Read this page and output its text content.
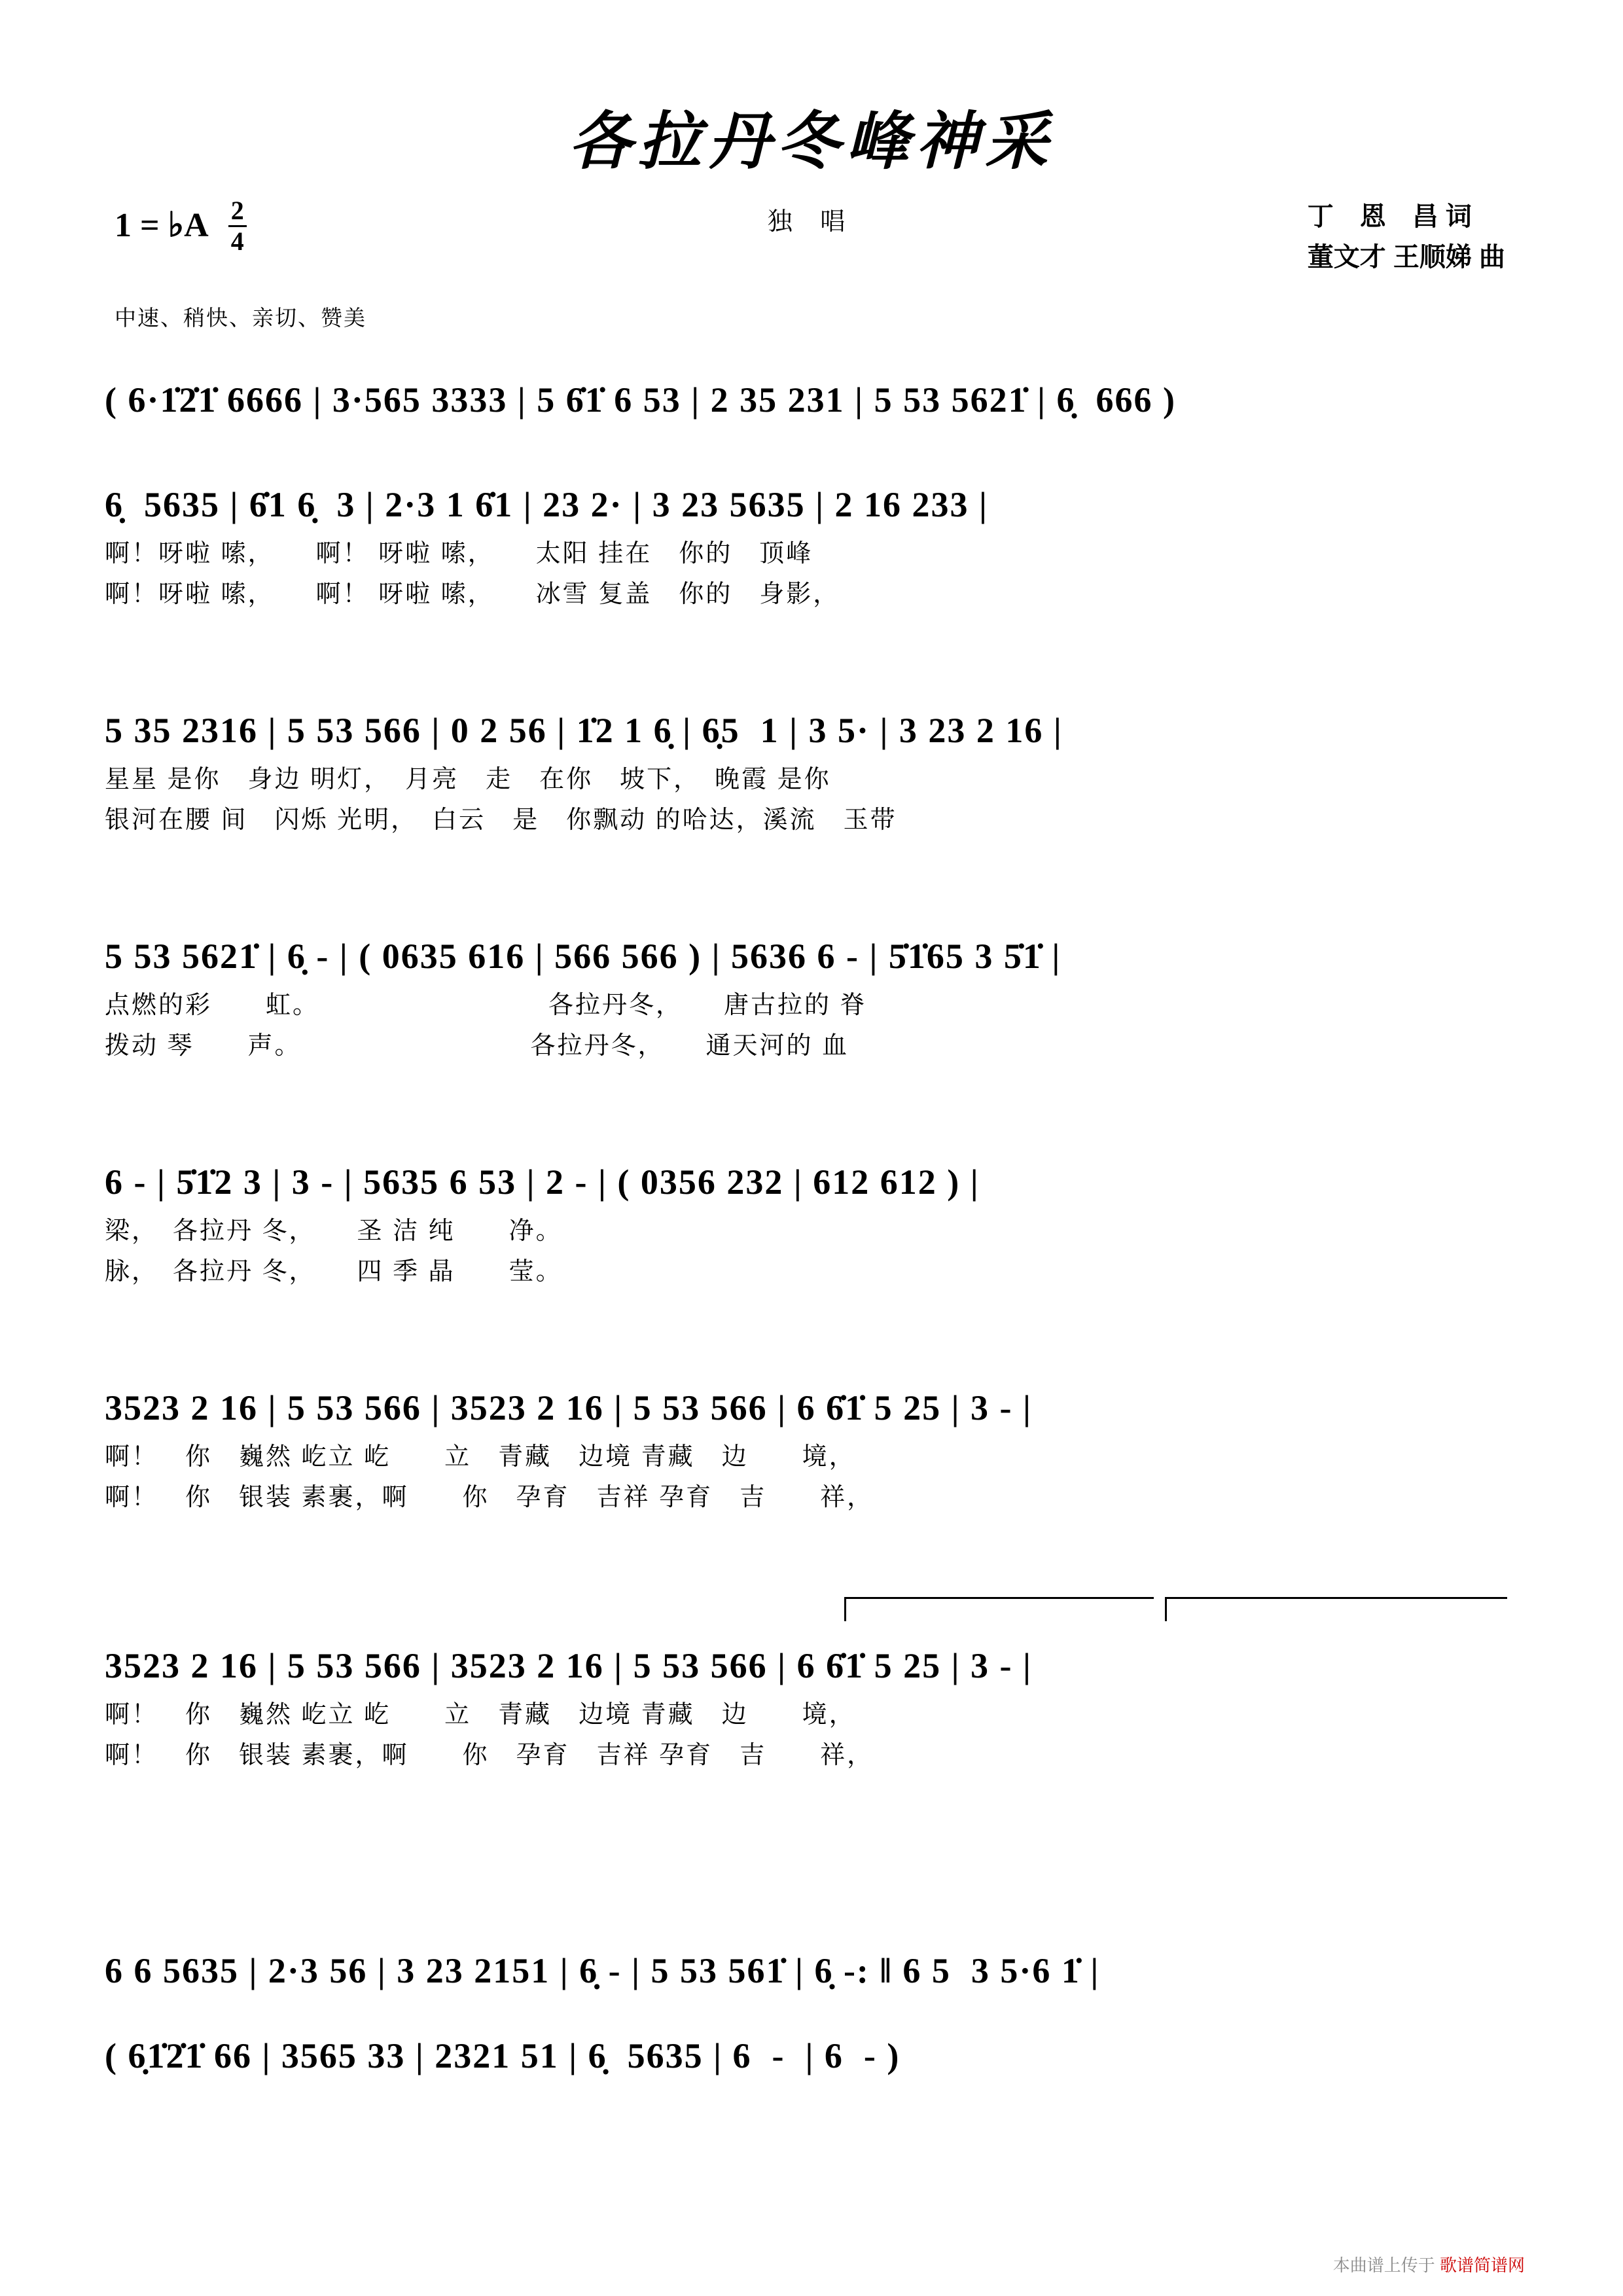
各拉丹冬峰神采
独 唱
1 = ♭A $\frac{2}{4}$	丁　恩　昌 词
董文才 王顺娣 曲
中速、稍快、亲切、赞美
( 6·1̇2̇1̇ 6666 | 3·565 3333 | 5 6̇1̇ 6 53 | 2 35 231 | 5 53 5621̇ | 6̣  666 )
6̣  5635 | 6̇1 6̣  3 | 2·3 1 6̇1 | 23 2· | 3 23 5635 | 2 16 233 |
啊！呀啦 嗦，　　啊！ 呀啦 嗦，　　太阳 挂在　你的　顶峰
啊！呀啦 嗦，　　啊！ 呀啦 嗦，　　冰雪 复盖　你的　身影，
5 35 2316 | 5 53 566 | 0 2 56 | 1̇2 1 6̣ | 6̣5  1 | 3 5· | 3 23 2 16 |
星星 是你　身边 明灯，　月亮　走　在你　坡下，　晚霞 是你
银河在腰 间　闪烁 光明，　白云　是　你飘动 的哈达，溪流　玉带
5 53 5621̇ | 6̣ - | ( 0635 616 | 566 566 ) | 5636 6 - | 5̇1̇65 3 5̇1̇ |
点燃的彩　　虹。　　　　　　　　　各拉丹冬，　　唐古拉的 脊
拨动 琴　　声。　　　　　　　　　各拉丹冬，　　通天河的 血
6 - | 5̇1̇2 3 | 3 - | 5635 6 53 | 2 - | ( 0356 232 | 612 612 ) |
梁，　各拉丹 冬，　　圣 洁 纯　　净。
脉，　各拉丹 冬，　　四 季 晶　　莹。
3523 2 16 | 5 53 566 | 3523 2 16 | 5 53 566 | 6 6̇1̇ 5 25 | 3 - |
啊！　你　巍然 屹立 屹　　立　青藏　边境 青藏　边　　境，
啊！　你　银装 素裹，啊　　你　孕育　吉祥 孕育　吉　　祥，
3523 2 16 | 5 53 566 | 3523 2 16 | 5 53 566 | 6 6̇1̇ 5 25 | 3 - |
啊！　你　巍然 屹立 屹　　立　青藏　边境 青藏　边　　境，
啊！　你　银装 素裹，啊　　你　孕育　吉祥 孕育　吉　　祥，
6 6 5635 | 2·3 56 | 3 23 2151 | 6̣ - | 5 53 561̇ | 6̣ -: ‖ 6 5  3 5·6 1̇ |
( 6̣1̇2̇1̇ 66 | 3565 33 | 2321 51 | 6̣  5635 | 6  -  | 6  - )
本曲谱上传于 歌谱简谱网
